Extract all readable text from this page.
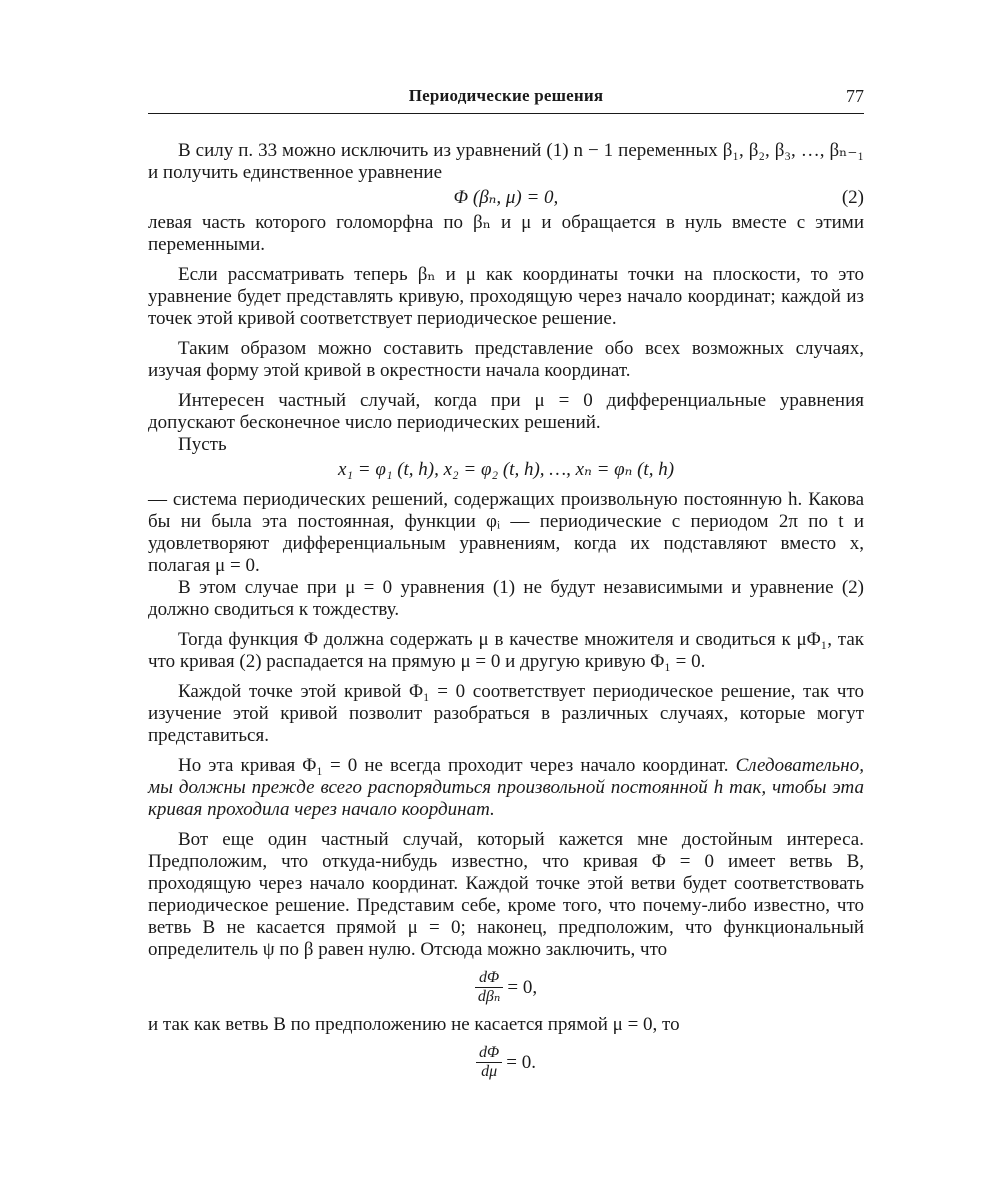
Периодические решения	77

В силу п. 33 можно исключить из уравнений (1) n − 1 переменных β₁, β₂, β₃, …, βₙ₋₁ и получить единственное уравнение

Φ (βₙ, μ) = 0,	(2)

левая часть которого голоморфна по βₙ и μ и обращается в нуль вместе с этими переменными.

Если рассматривать теперь βₙ и μ как координаты точки на плоскости, то это уравнение будет представлять кривую, проходящую через начало координат; каждой из точек этой кривой соответствует периодическое решение.

Таким образом можно составить представление обо всех возможных случаях, изучая форму этой кривой в окрестности начала координат.

Интересен частный случай, когда при μ = 0 дифференциальные уравнения допускают бесконечное число периодических решений.

Пусть

x₁ = φ₁ (t, h), x₂ = φ₂ (t, h), …, xₙ = φₙ (t, h)

— система периодических решений, содержащих произвольную постоянную h. Какова бы ни была эта постоянная, функции φᵢ — периодические с периодом 2π по t и удовлетворяют дифференциальным уравнениям, когда их подставляют вместо x, полагая μ = 0.

В этом случае при μ = 0 уравнения (1) не будут независимыми и уравнение (2) должно сводиться к тождеству.

Тогда функция Φ должна содержать μ в качестве множителя и сводиться к μΦ₁, так что кривая (2) распадается на прямую μ = 0 и другую кривую Φ₁ = 0.

Каждой точке этой кривой Φ₁ = 0 соответствует периодическое решение, так что изучение этой кривой позволит разобраться в различных случаях, которые могут представиться.

Но эта кривая Φ₁ = 0 не всегда проходит через начало координат. Следовательно, мы должны прежде всего распорядиться произвольной постоянной h так, чтобы эта кривая проходила через начало координат.

Вот еще один частный случай, который кажется мне достойным интереса. Предположим, что откуда-нибудь известно, что кривая Φ = 0 имеет ветвь B, проходящую через начало координат. Каждой точке этой ветви будет соответствовать периодическое решение. Представим себе, кроме того, что почему-либо известно, что ветвь B не касается прямой μ = 0; наконец, предположим, что функциональный определитель ψ по β равен нулю. Отсюда можно заключить, что

$\frac{d\Phi}{\text{dβₙ}} = 0$,

и так как ветвь B по предположению не касается прямой μ = 0, то

$\frac{d\Phi}{d\mu} = 0$.
